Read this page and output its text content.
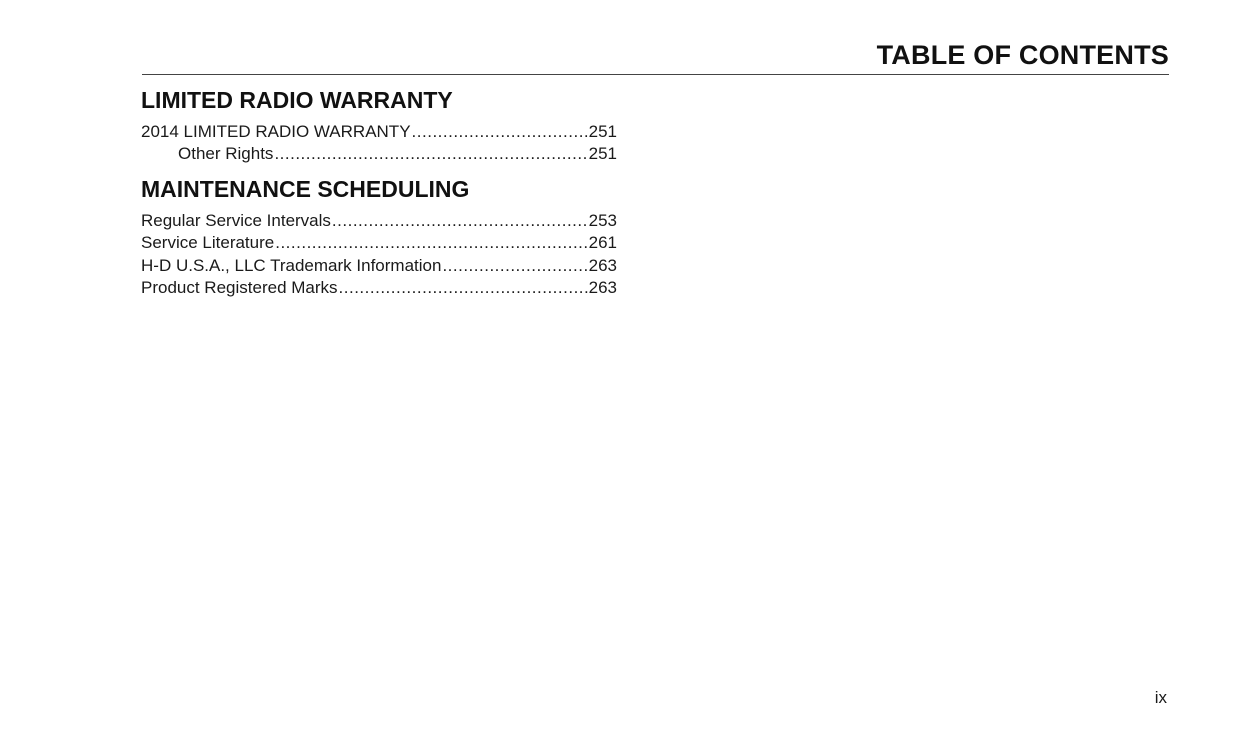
TABLE OF CONTENTS
LIMITED RADIO WARRANTY
2014 LIMITED RADIO WARRANTY .....	251
Other Rights .....	251
MAINTENANCE SCHEDULING
Regular Service Intervals .....	253
Service Literature .....	261
H-D U.S.A., LLC Trademark Information .....	263
Product Registered Marks .....	263

ix
